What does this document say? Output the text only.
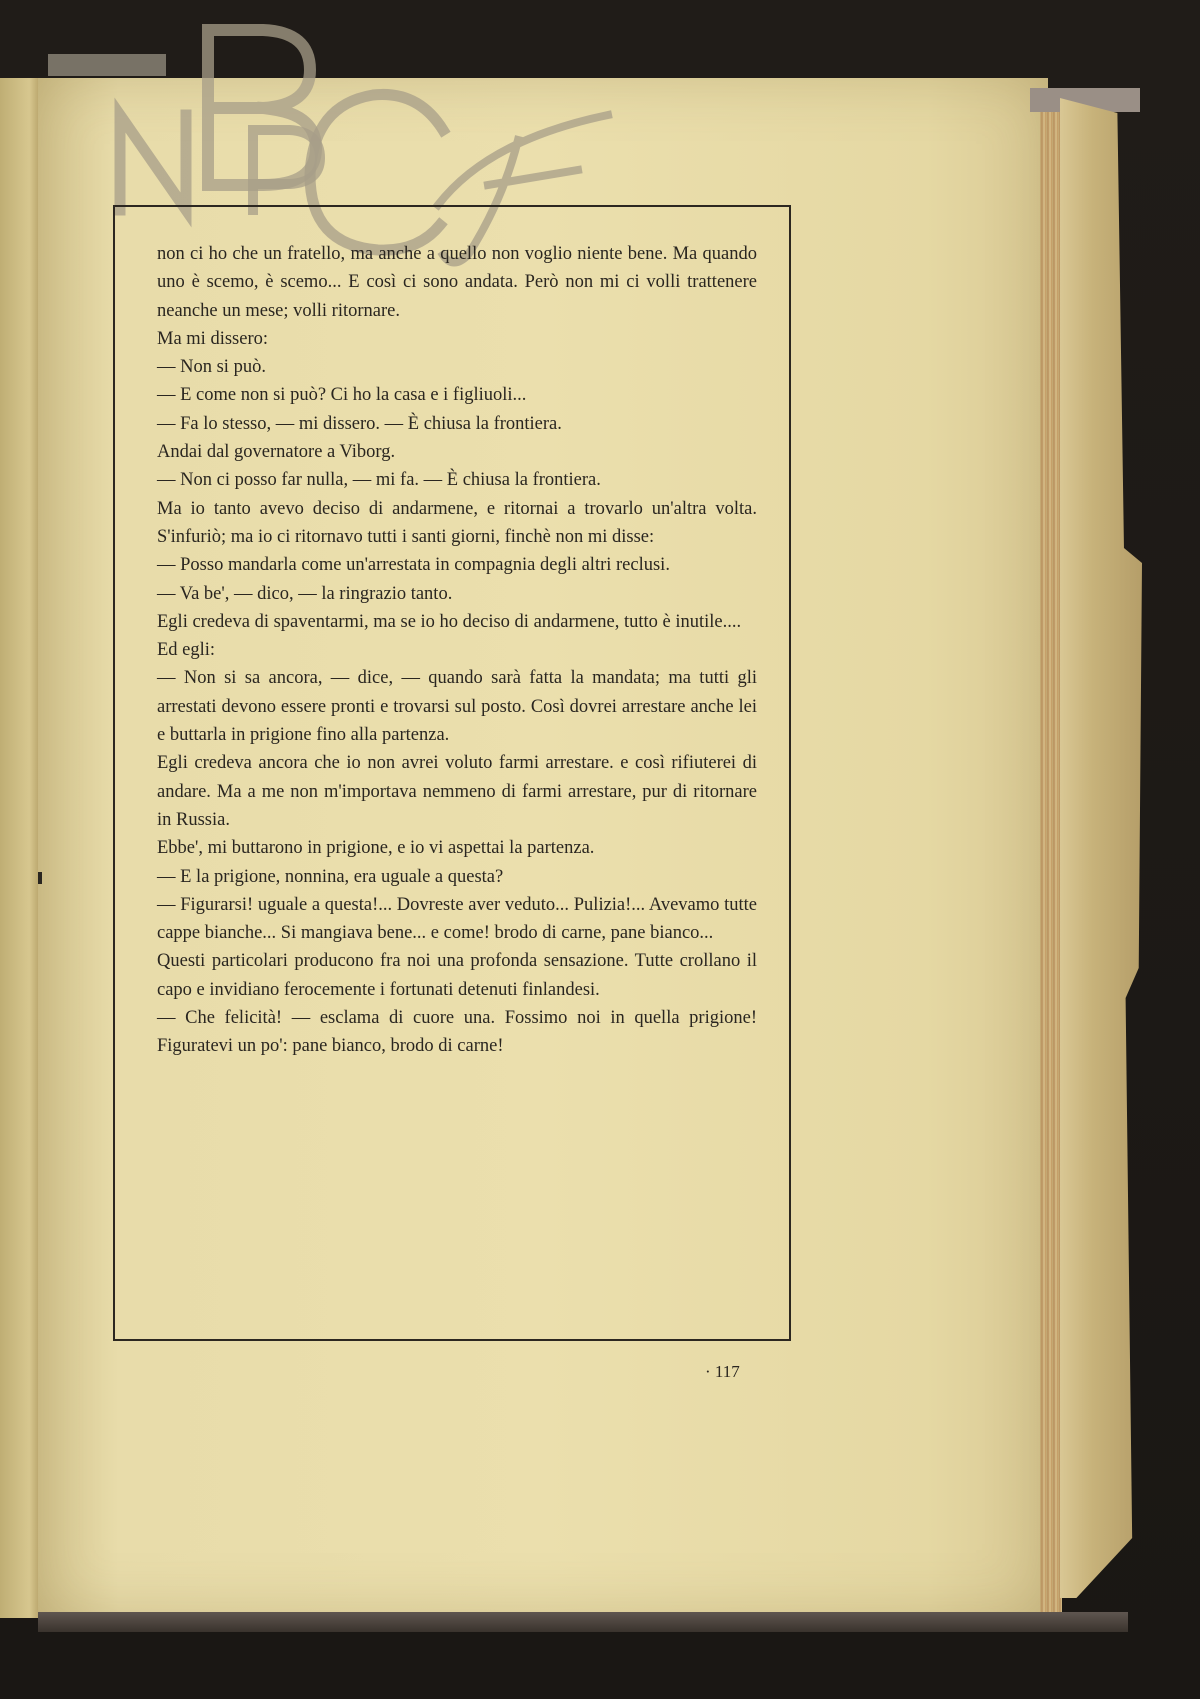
non ci ho che un fratello, ma anche a quello non voglio niente bene. Ma quando uno è scemo, è scemo... E così ci sono andata. Però non mi ci volli trattenere neanche un mese; volli ritornare.

Ma mi dissero:

— Non si può.

— E come non si può? Ci ho la casa e i figliuoli...

— Fa lo stesso, — mi dissero. — È chiusa la frontiera.

Andai dal governatore a Viborg.

— Non ci posso far nulla, — mi fa. — È chiusa la frontiera.

Ma io tanto avevo deciso di andarmene, e ritornai a trovarlo un'altra volta. S'infuriò; ma io ci ritornavo tutti i santi giorni, finchè non mi disse:

— Posso mandarla come un'arrestata in compagnia degli altri reclusi.

— Va be', — dico, — la ringrazio tanto.

Egli credeva di spaventarmi, ma se io ho deciso di andarmene, tutto è inutile....

Ed egli:

— Non si sa ancora, — dice, — quando sarà fatta la mandata; ma tutti gli arrestati devono essere pronti e trovarsi sul posto. Così dovrei arrestare anche lei e buttarla in prigione fino alla partenza.

Egli credeva ancora che io non avrei voluto farmi arrestare. e così rifiuterei di andare. Ma a me non m'importava nemmeno di farmi arrestare, pur di ritornare in Russia.

Ebbe', mi buttarono in prigione, e io vi aspettai la partenza.

— E la prigione, nonnina, era uguale a questa?

— Figurarsi! uguale a questa!... Dovreste aver veduto... Pulizia!... Avevamo tutte cappe bianche... Si mangiava bene... e come! brodo di carne, pane bianco...

Questi particolari producono fra noi una profonda sensazione. Tutte crollano il capo e invidiano ferocemente i fortunati detenuti finlandesi.

— Che felicità! — esclama di cuore una. Fossimo noi in quella prigione! Figuratevi un po': pane bianco, brodo di carne!

· 117
